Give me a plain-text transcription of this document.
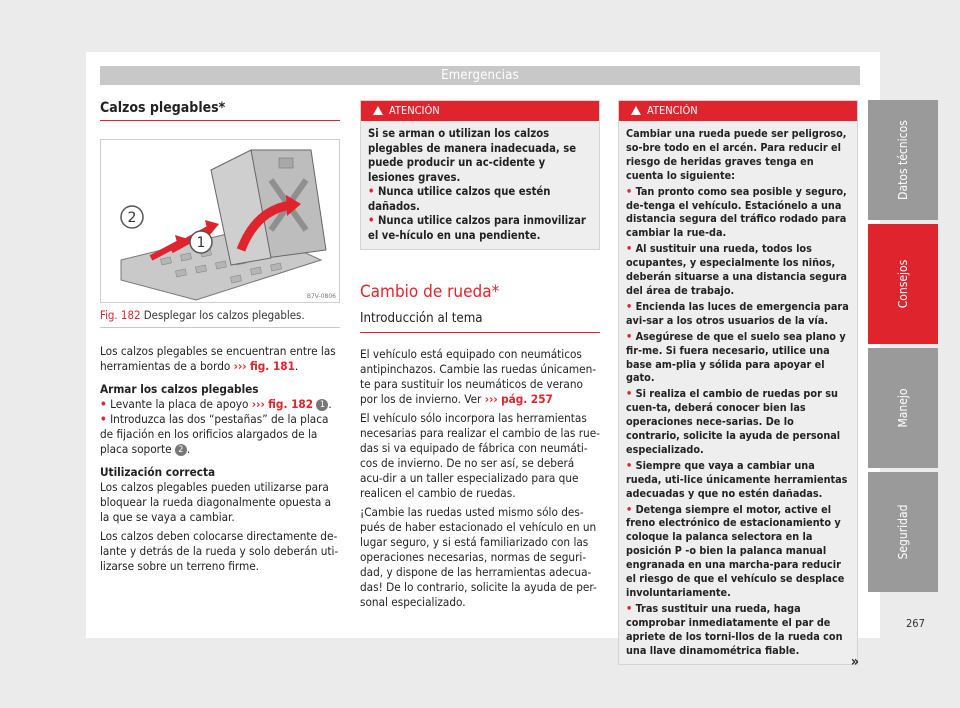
Emergencias
Datos técnicos
Consejos
Manejo
Seguridad
267
Calzos plegables*
2
1
B7V-0806
Fig. 182 Desplegar los calzos plegables.

Los calzos plegables se encuentran entre las herramientas de a bordo ››› fig. 181.

Armar los calzos plegables

• Levante la placa de apoyo ››› fig. 182 1 .
• Introduzca las dos “pestañas” de la placa de fijación en los orificios alargados de la placa soporte 2 .

Utilización correcta

Los calzos plegables pueden utilizarse para bloquear la rueda diagonalmente opuesta a la que se vaya a cambiar.

Los calzos deben colocarse directamente de-lante y detrás de la rueda y solo deberán uti-lizarse sobre un terreno firme.

ATENCIÓN
Si se arman o utilizan los calzos plegables de manera inadecuada, se puede producir un ac-cidente y lesiones graves.
• Nunca utilice calzos que estén dañados.
• Nunca utilice calzos para inmovilizar el ve-hículo en una pendiente.
Cambio de rueda*
Introducción al tema

El vehículo está equipado con neumáticos antipinchazos. Cambie las ruedas únicamen-te para sustituir los neumáticos de verano por los de invierno. Ver ››› pág. 257

El vehículo sólo incorpora las herramientas necesarias para realizar el cambio de las rue-das si va equipado de fábrica con neumáti-cos de invierno. De no ser así, se deberá acu-dir a un taller especializado para que realicen el cambio de ruedas.

¡Cambie las ruedas usted mismo sólo des-pués de haber estacionado el vehículo en un lugar seguro, y si está familiarizado con las operaciones necesarias, normas de seguri-dad, y dispone de las herramientas adecua-das! De lo contrario, solicite la ayuda de per-sonal especializado.

ATENCIÓN
Cambiar una rueda puede ser peligroso, so-bre todo en el arcén. Para reducir el riesgo de heridas graves tenga en cuenta lo siguiente:
• Tan pronto como sea posible y seguro, de-tenga el vehículo. Estaciónelo a una distancia segura del tráfico rodado para cambiar la rue-da.
• Al sustituir una rueda, todos los ocupantes, y especialmente los niños, deberán situarse a una distancia segura del área de trabajo.
• Encienda las luces de emergencia para avi-sar a los otros usuarios de la vía.
• Asegúrese de que el suelo sea plano y fir-me. Si fuera necesario, utilice una base am-plia y sólida para apoyar el gato.
• Si realiza el cambio de ruedas por su cuen-ta, deberá conocer bien las operaciones nece-sarias. De lo contrario, solicite la ayuda de personal especializado.
• Siempre que vaya a cambiar una rueda, uti-lice únicamente herramientas adecuadas y que no estén dañadas.
• Detenga siempre el motor, active el freno electrónico de estacionamiento y coloque la palanca selectora en la posición P -o bien la palanca manual engranada en una marcha-para reducir el riesgo de que el vehículo se desplace involuntariamente.
• Tras sustituir una rueda, haga comprobar inmediatamente el par de apriete de los torni-llos de la rueda con una llave dinamométrica fiable.
»
